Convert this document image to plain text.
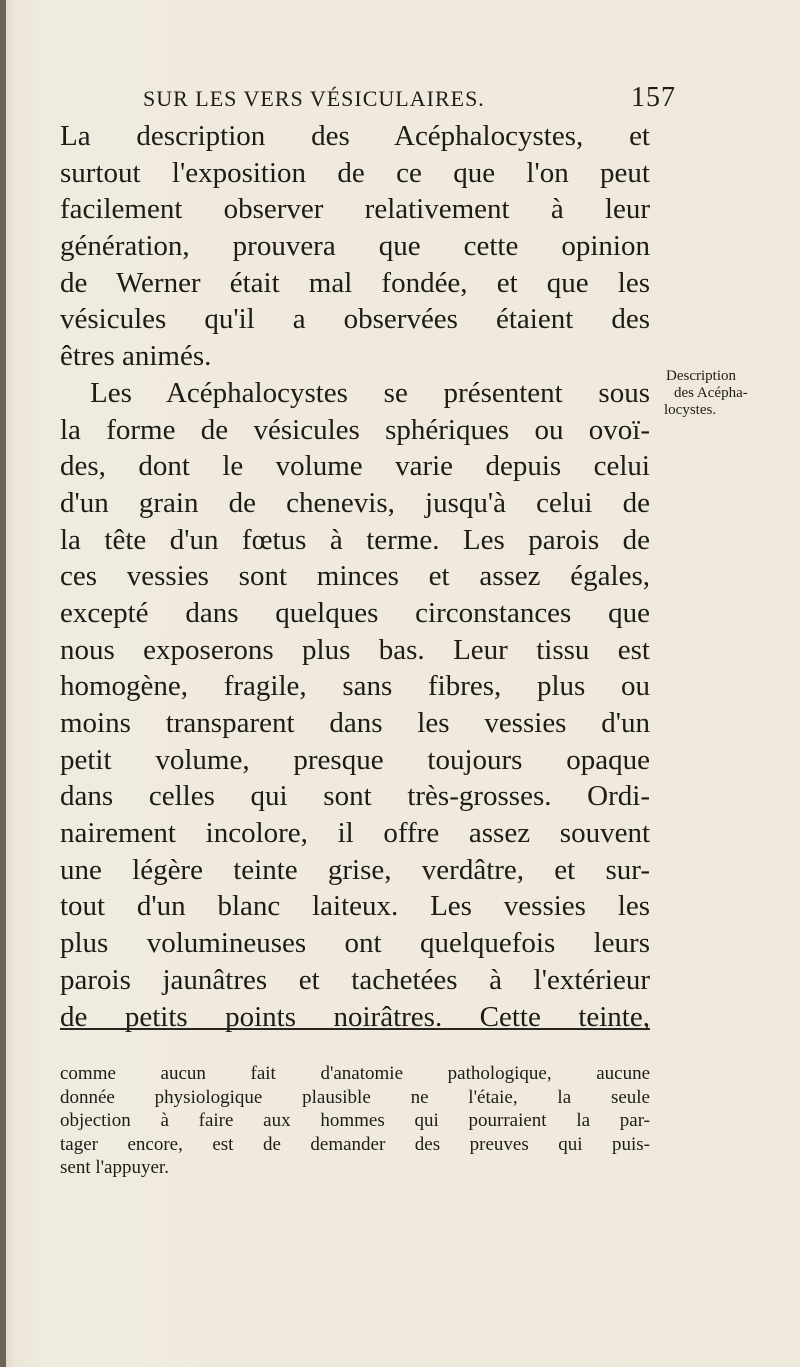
SUR LES VERS VÉSICULAIRES.	157
La description des Acéphalocystes, et
surtout l'exposition de ce que l'on peut
facilement observer relativement à leur
génération, prouvera que cette opinion
de Werner était mal fondée, et que les
vésicules qu'il a observées étaient des
êtres animés.
Les Acéphalocystes se présentent sous
la forme de vésicules sphériques ou ovoï-
des, dont le volume varie depuis celui
d'un grain de chenevis, jusqu'à celui de
la tête d'un fœtus à terme. Les parois de
ces vessies sont minces et assez égales,
excepté dans quelques circonstances que
nous exposerons plus bas. Leur tissu est
homogène, fragile, sans fibres, plus ou
moins transparent dans les vessies d'un
petit volume, presque toujours opaque
dans celles qui sont très-grosses. Ordi-
nairement incolore, il offre assez souvent
une légère teinte grise, verdâtre, et sur-
tout d'un blanc laiteux. Les vessies les
plus volumineuses ont quelquefois leurs
parois jaunâtres et tachetées à l'extérieur
de petits points noirâtres. Cette teinte,
Description
des Acépha-
locystes.
comme aucun fait d'anatomie pathologique, aucune
donnée physiologique plausible ne l'étaie, la seule
objection à faire aux hommes qui pourraient la par-
tager encore, est de demander des preuves qui puis-
sent l'appuyer.
